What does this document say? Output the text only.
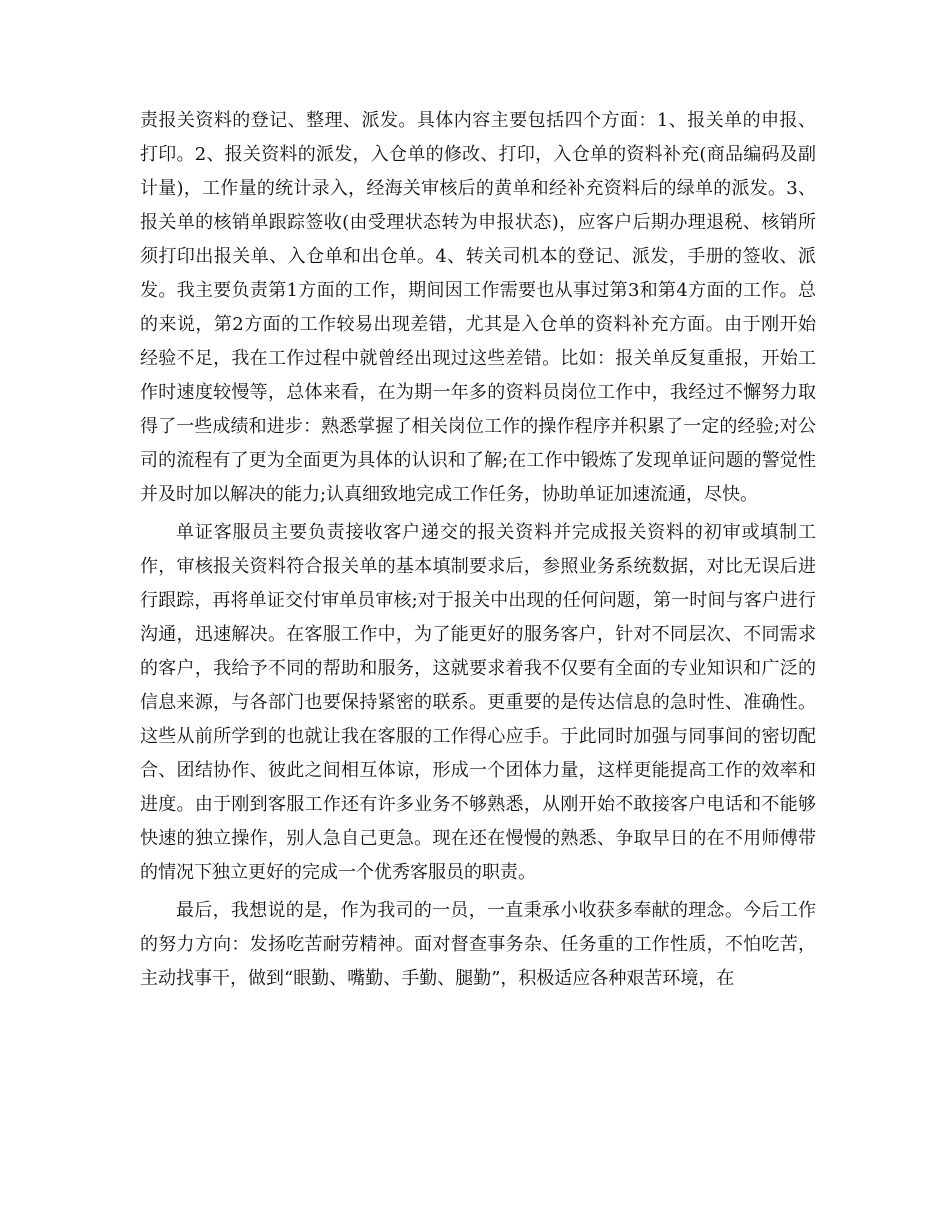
责报关资料的登记、整理、派发。具体内容主要包括四个方面：1、报关单的申报、打印。2、报关资料的派发，入仓单的修改、打印，入仓单的资料补充(商品编码及副计量)，工作量的统计录入，经海关审核后的黄单和经补充资料后的绿单的派发。3、报关单的核销单跟踪签收(由受理状态转为申报状态)，应客户后期办理退税、核销所须打印出报关单、入仓单和出仓单。4、转关司机本的登记、派发，手册的签收、派发。我主要负责第1方面的工作，期间因工作需要也从事过第3和第4方面的工作。总的来说，第2方面的工作较易出现差错，尤其是入仓单的资料补充方面。由于刚开始经验不足，我在工作过程中就曾经出现过这些差错。比如：报关单反复重报，开始工作时速度较慢等，总体来看，在为期一年多的资料员岗位工作中，我经过不懈努力取得了一些成绩和进步：熟悉掌握了相关岗位工作的操作程序并积累了一定的经验;对公司的流程有了更为全面更为具体的认识和了解;在工作中锻炼了发现单证问题的警觉性并及时加以解决的能力;认真细致地完成工作任务，协助单证加速流通，尽快。

单证客服员主要负责接收客户递交的报关资料并完成报关资料的初审或填制工作，审核报关资料符合报关单的基本填制要求后，参照业务系统数据，对比无误后进行跟踪，再将单证交付审单员审核;对于报关中出现的任何问题，第一时间与客户进行沟通，迅速解决。在客服工作中，为了能更好的服务客户，针对不同层次、不同需求的客户，我给予不同的帮助和服务，这就要求着我不仅要有全面的专业知识和广泛的信息来源，与各部门也要保持紧密的联系。更重要的是传达信息的急时性、准确性。这些从前所学到的也就让我在客服的工作得心应手。于此同时加强与同事间的密切配合、团结协作、彼此之间相互体谅，形成一个团体力量，这样更能提高工作的效率和进度。由于刚到客服工作还有许多业务不够熟悉，从刚开始不敢接客户电话和不能够快速的独立操作，别人急自己更急。现在还在慢慢的熟悉、争取早日的在不用师傅带的情况下独立更好的完成一个优秀客服员的职责。

最后，我想说的是，作为我司的一员，一直秉承小收获多奉献的理念。今后工作的努力方向：发扬吃苦耐劳精神。面对督查事务杂、任务重的工作性质，不怕吃苦，主动找事干，做到“眼勤、嘴勤、手勤、腿勤”，积极适应各种艰苦环境，在
